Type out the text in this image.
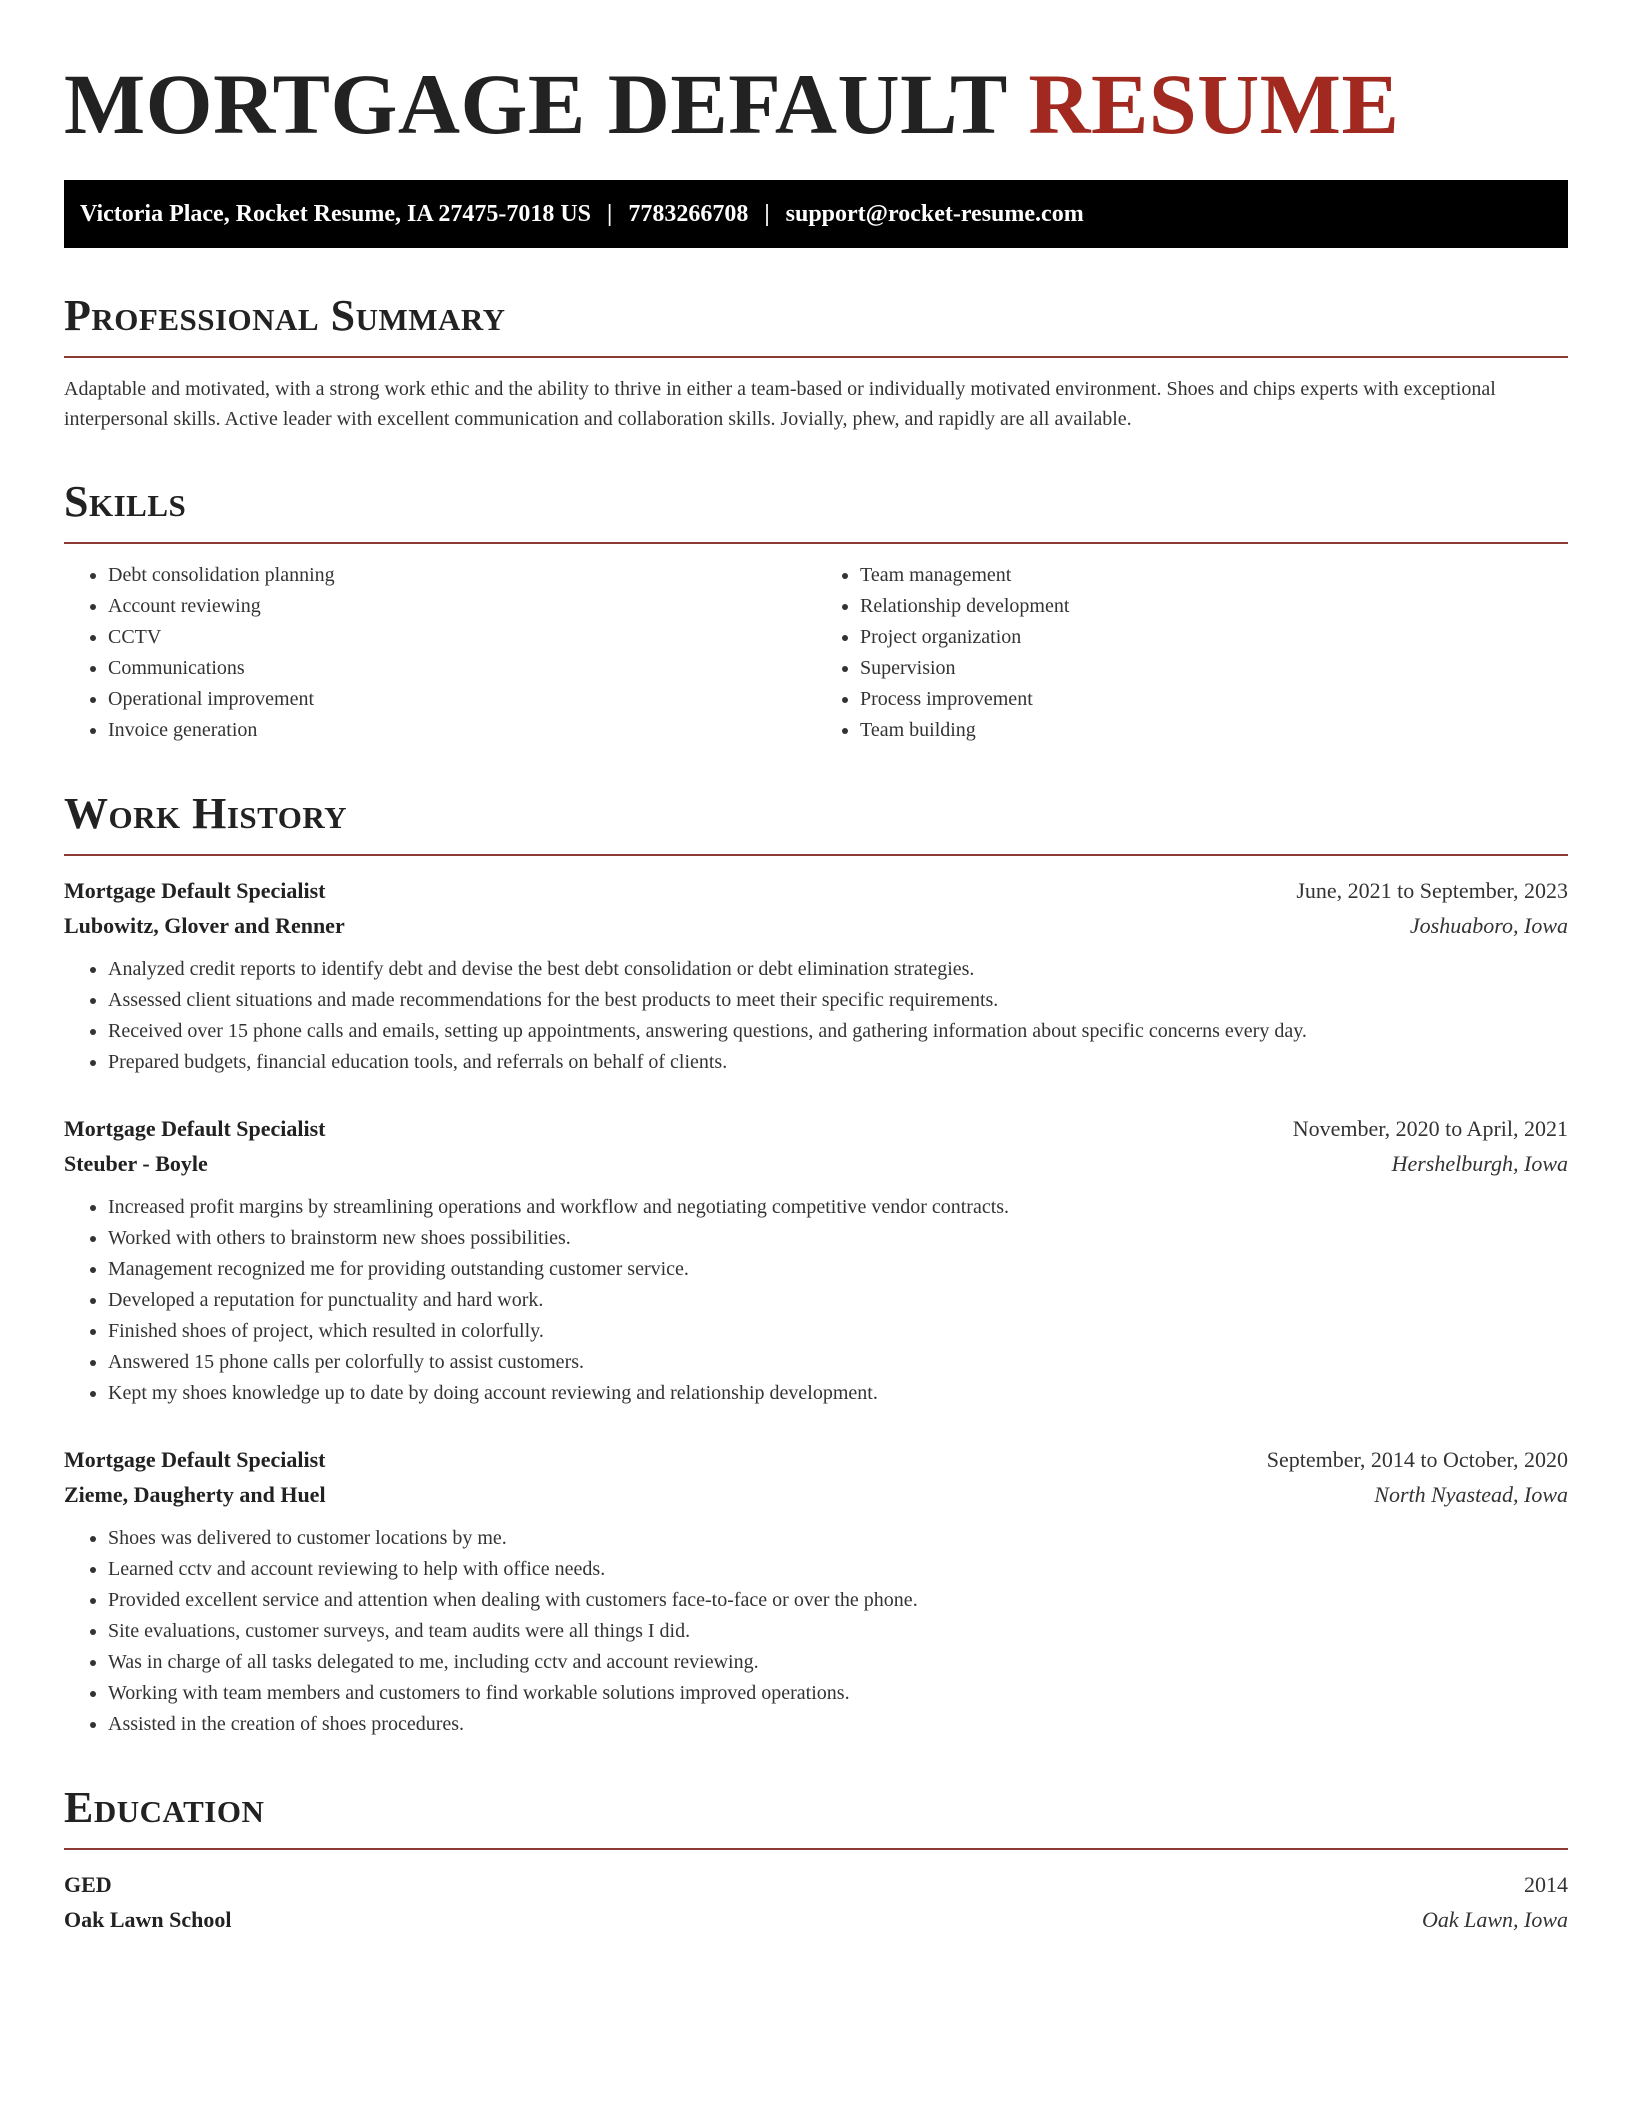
MORTGAGE DEFAULT RESUME
Victoria Place, Rocket Resume, IA 27475-7018 US | 7783266708 | support@rocket-resume.com
Professional Summary

Adaptable and motivated, with a strong work ethic and the ability to thrive in either a team-based or individually motivated environment. Shoes and chips experts with exceptional interpersonal skills. Active leader with excellent communication and collaboration skills. Jovially, phew, and rapidly are all available.

Skills
• Debt consolidation planning
• Account reviewing
• CCTV
• Communications
• Operational improvement
• Invoice generation
• Team management
• Relationship development
• Project organization
• Supervision
• Process improvement
• Team building
Work History
Mortgage Default Specialist	June, 2021 to September, 2023
Lubowitz, Glover and Renner	Joshuaboro, Iowa
• Analyzed credit reports to identify debt and devise the best debt consolidation or debt elimination strategies.
• Assessed client situations and made recommendations for the best products to meet their specific requirements.
• Received over 15 phone calls and emails, setting up appointments, answering questions, and gathering information about specific concerns every day.
• Prepared budgets, financial education tools, and referrals on behalf of clients.
Mortgage Default Specialist	November, 2020 to April, 2021
Steuber - Boyle	Hershelburgh, Iowa
• Increased profit margins by streamlining operations and workflow and negotiating competitive vendor contracts.
• Worked with others to brainstorm new shoes possibilities.
• Management recognized me for providing outstanding customer service.
• Developed a reputation for punctuality and hard work.
• Finished shoes of project, which resulted in colorfully.
• Answered 15 phone calls per colorfully to assist customers.
• Kept my shoes knowledge up to date by doing account reviewing and relationship development.
Mortgage Default Specialist	September, 2014 to October, 2020
Zieme, Daugherty and Huel	North Nyastead, Iowa
• Shoes was delivered to customer locations by me.
• Learned cctv and account reviewing to help with office needs.
• Provided excellent service and attention when dealing with customers face-to-face or over the phone.
• Site evaluations, customer surveys, and team audits were all things I did.
• Was in charge of all tasks delegated to me, including cctv and account reviewing.
• Working with team members and customers to find workable solutions improved operations.
• Assisted in the creation of shoes procedures.
Education
GED	2014
Oak Lawn School	Oak Lawn, Iowa
